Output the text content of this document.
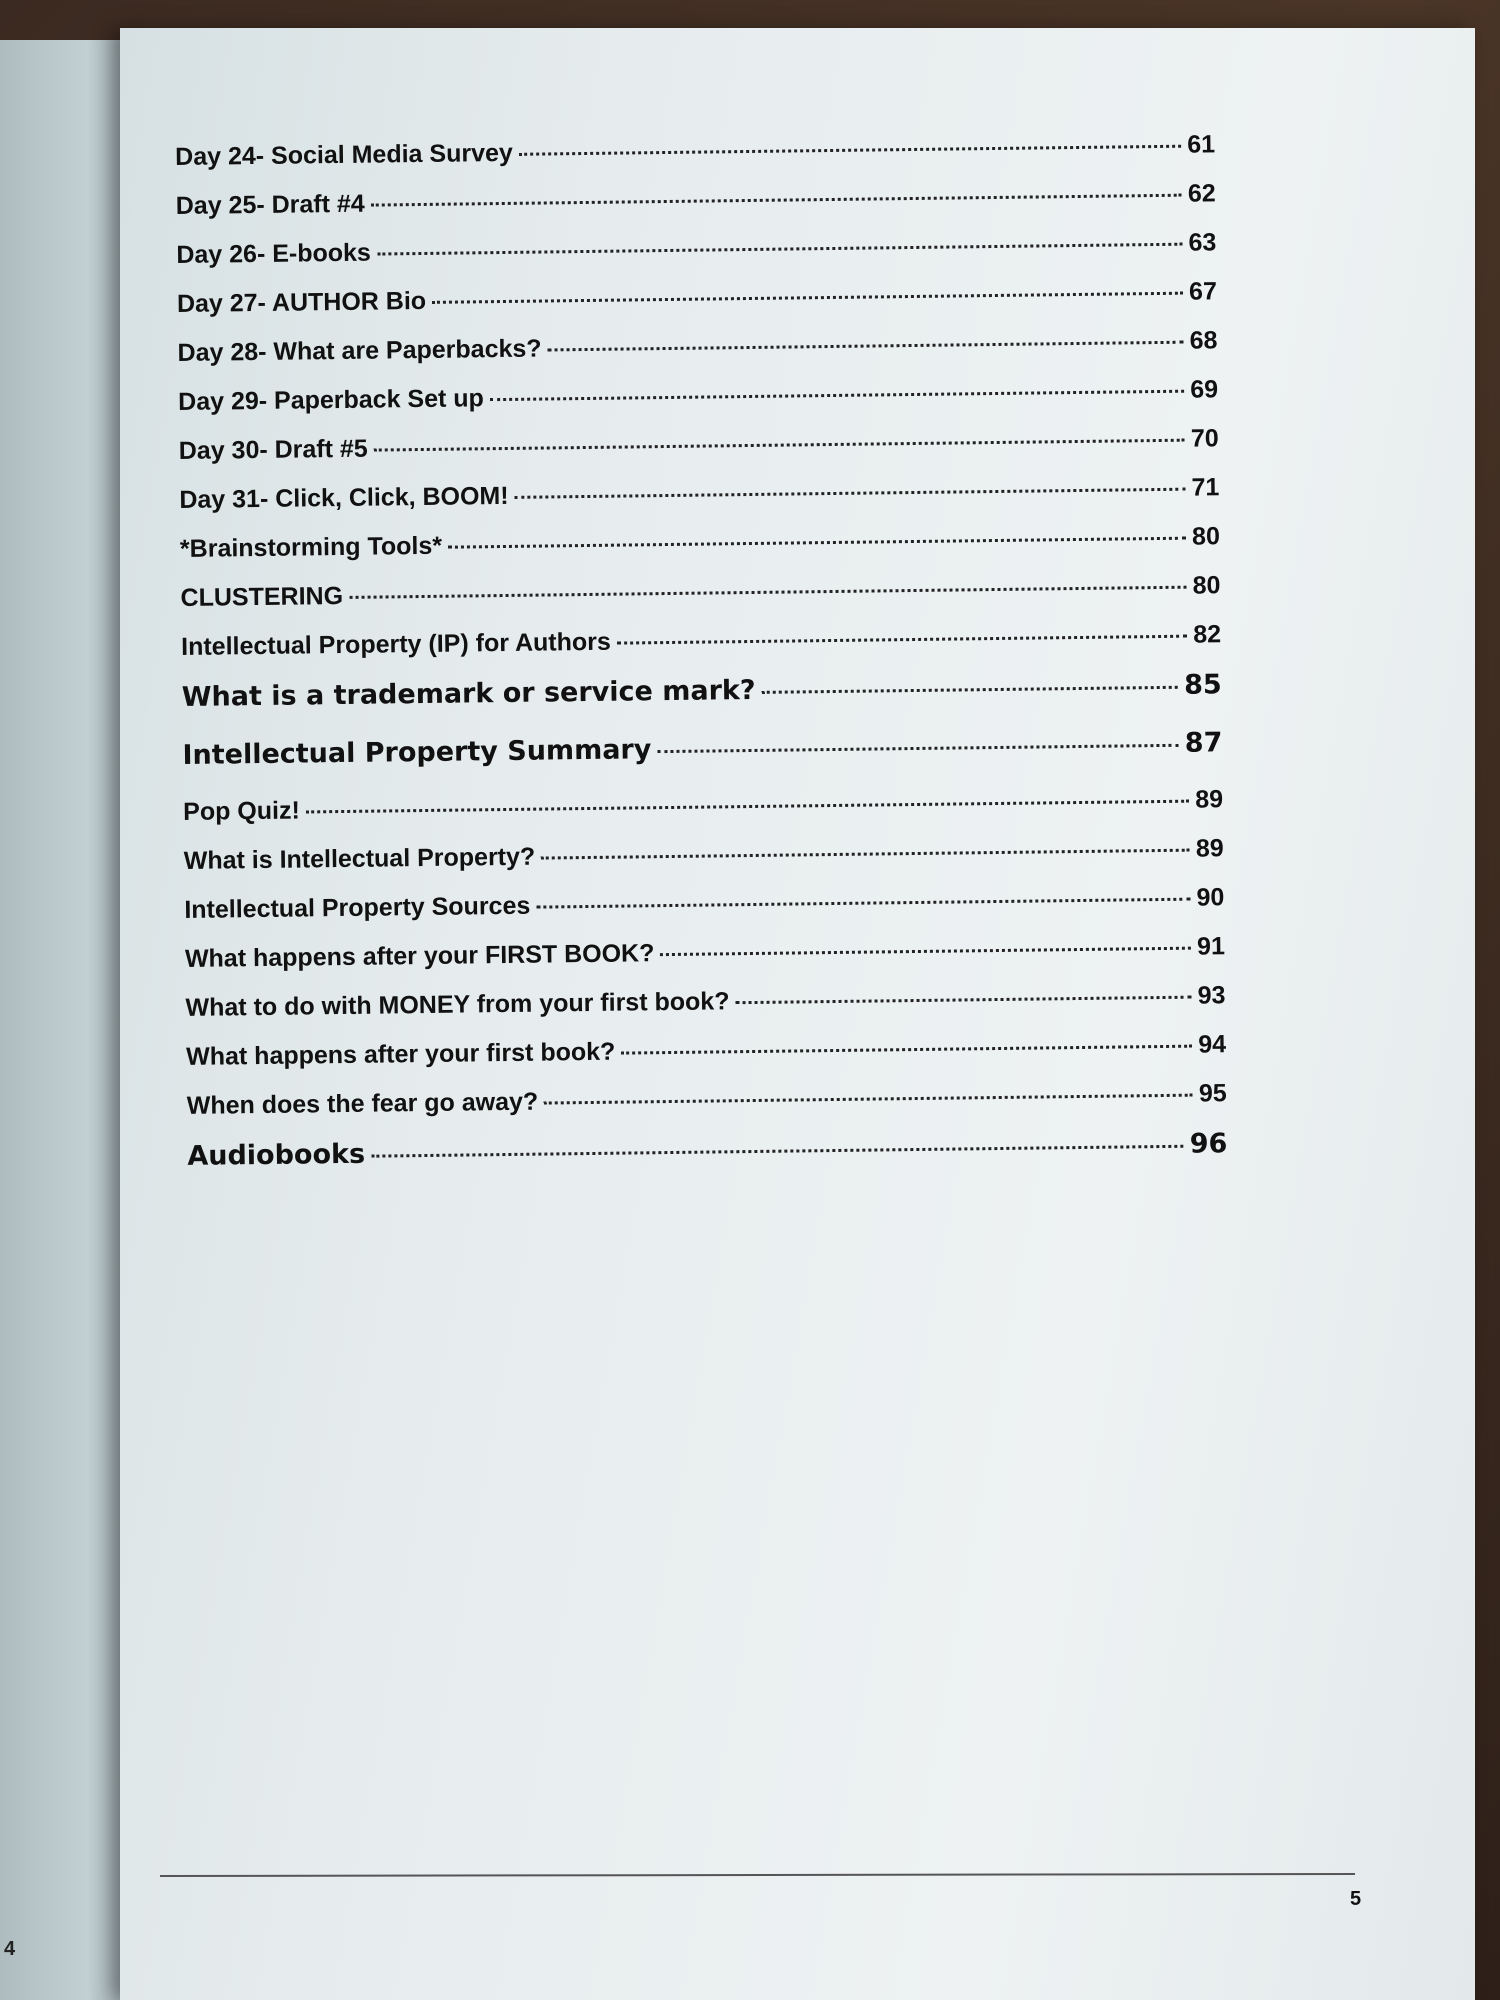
4
Day 24- Social Media Survey	61
Day 25- Draft #4	62
Day 26- E-books	63
Day 27- AUTHOR Bio	67
Day 28- What are Paperbacks?	68
Day 29- Paperback Set up	69
Day 30- Draft #5	70
Day 31- Click, Click, BOOM!	71
*Brainstorming Tools*	80
CLUSTERING	80
Intellectual Property (IP) for Authors	82
What is a trademark or service mark?	85
Intellectual Property Summary	87
Pop Quiz!	89
What is Intellectual Property?	89
Intellectual Property Sources	90
What happens after your FIRST BOOK?	91
What to do with MONEY from your first book?	93
What happens after your first book?	94
When does the fear go away?	95
Audiobooks	96
5
